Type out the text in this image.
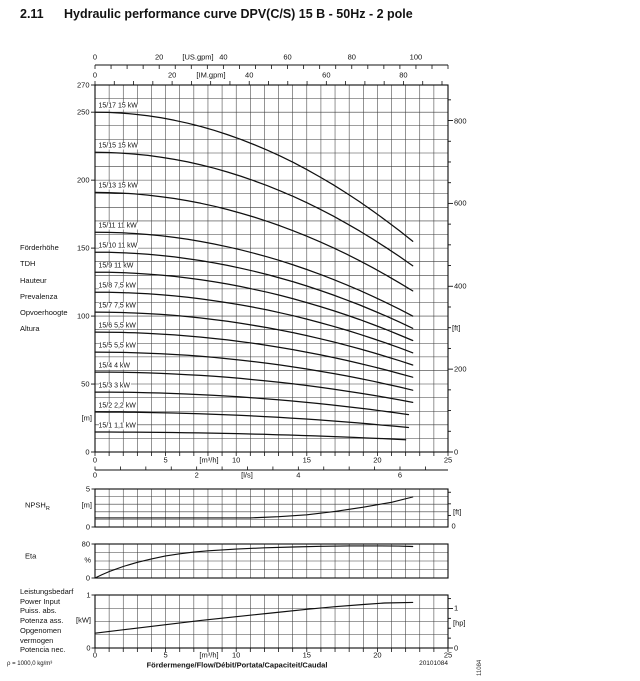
2.11 Hydraulic performance curve DPV(C/S) 15 B - 50Hz - 2 pole
Förderhöhe
TDH
Hauteur
Prevalenza
Opvoerhoogte
Altura
$NPSH_R$
Eta
Leistungsbedarf
Power Input
Puiss. abs.
Potenza ass.
Opgenomen
vermogen
Potencia nec.
[m]
[ft]
[m]
[ft]
%
[kW]	[hp]
[m³/h]
[l/s]
[m³/h]
[US.gpm]
[IM.gpm]
ρ = 1000,0 kg/m³	Fördermenge/Flow/Débit/Portata/Capaciteit/Caudal	20101084	11084
15/17 15 kW
15/15 15 kW
15/13 15 kW
15/11 11 kW
15/10 11 kW
15/9 11 kW
15/8 7,5 kW
15/7 7,5 kW
15/6 5,5 kW
15/5 5,5 kW
15/4 4 kW
15/3 3 kW
15/2 2,2 kW
15/1 1,1 kW
0	20	40	60	80	100
0	20	40	60	80
0
50
100
150
200
250
270
0
200
400
600
800
0	5	10	15	20	25
0	2	4	6
0
5
0
0
80
0
1
0
1
0	5	10	15	20	25
